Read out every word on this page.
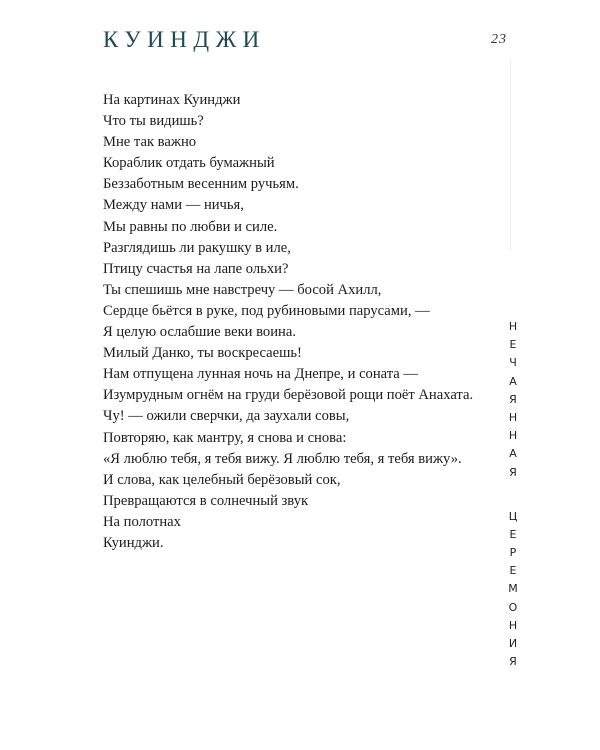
КУИНДЖИ	23
На картинах Куинджи
Что ты видишь?
Мне так важно
Кораблик отдать бумажный
Беззаботным весенним ручьям.
Между нами — ничья,
Мы равны по любви и силе.
Разглядишь ли ракушку в иле,
Птицу счастья на лапе ольхи?
Ты спешишь мне навстречу — босой Ахилл,
Сердце бьётся в руке, под рубиновыми парусами, —
Я целую ослабшие веки воина.
Милый Данко, ты воскресаешь!
Нам отпущена лунная ночь на Днепре, и соната —
Изумрудным огнём на груди берёзовой рощи поёт Анахата.
Чу! — ожили сверчки, да заухали совы,
Повторяю, как мантру, я снова и снова:
«Я люблю тебя, я тебя вижу. Я люблю тебя, я тебя вижу».
И слова, как целебный берёзовый сок,
Превращаются в солнечный звук
На полотнах
Куинджи.
Н
Е
Ч
А
Я
Н
Н
А
Я
Ц
Е
Р
Е
М
О
Н
И
Я
